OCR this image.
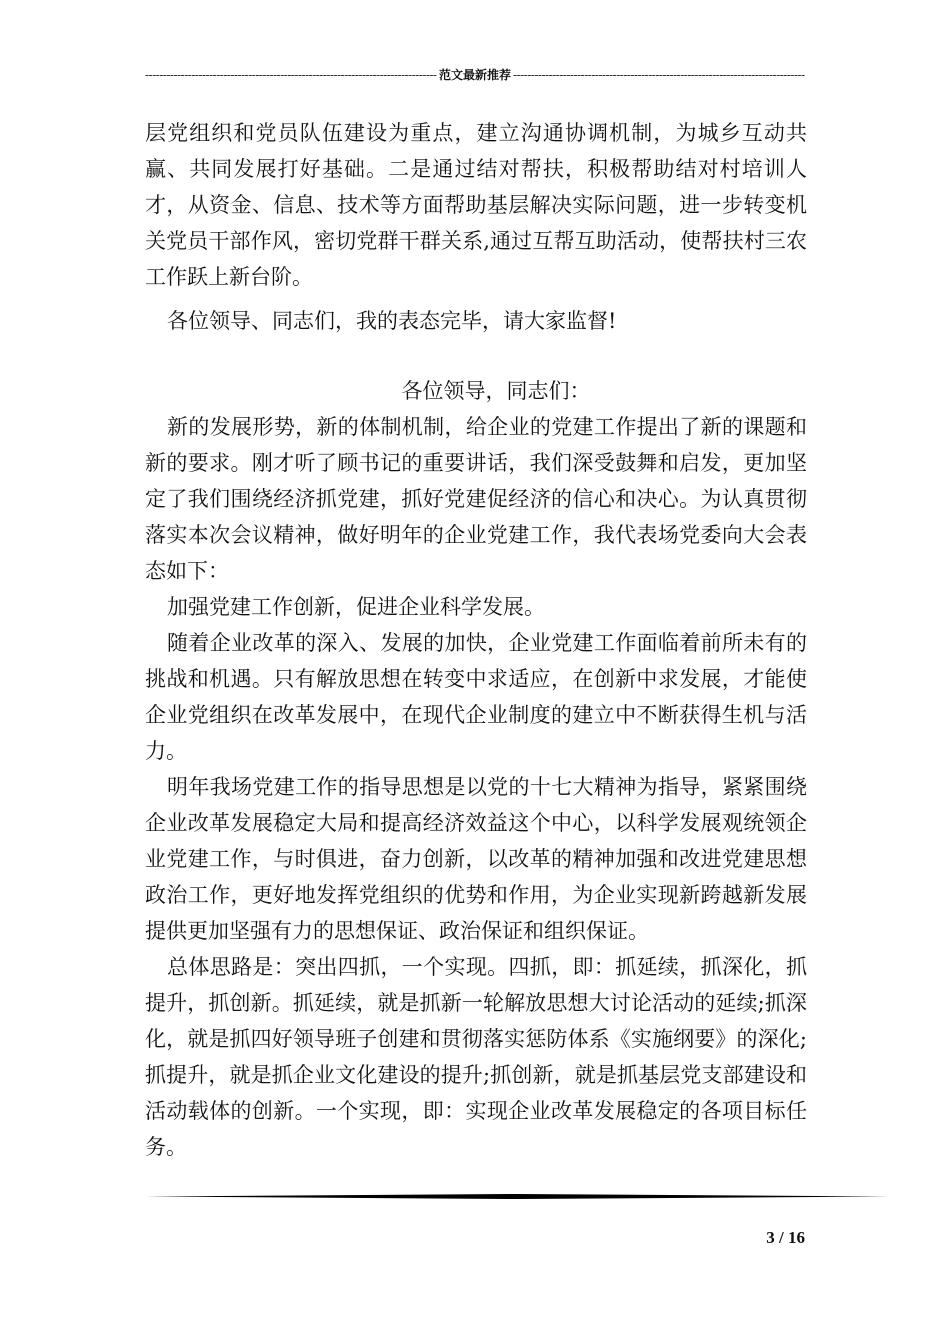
-----
范文最新推荐
-----

层党组织和党员队伍建设为重点，建立沟通协调机制，为城乡互动共赢、共同发展打好基础。二是通过结对帮扶，积极帮助结对村培训人才，从资金、信息、技术等方面帮助基层解决实际问题，进一步转变机关党员干部作风，密切党群干群关系,通过互帮互助活动，使帮扶村三农工作跃上新台阶。

各位领导、同志们，我的表态完毕，请大家监督!

各位领导，同志们：

新的发展形势，新的体制机制，给企业的党建工作提出了新的课题和新的要求。刚才听了顾书记的重要讲话，我们深受鼓舞和启发，更加坚定了我们围绕经济抓党建，抓好党建促经济的信心和决心。为认真贯彻落实本次会议精神，做好明年的企业党建工作，我代表场党委向大会表态如下：

加强党建工作创新，促进企业科学发展。

随着企业改革的深入、发展的加快，企业党建工作面临着前所未有的挑战和机遇。只有解放思想在转变中求适应，在创新中求发展，才能使企业党组织在改革发展中，在现代企业制度的建立中不断获得生机与活力。

明年我场党建工作的指导思想是以党的十七大精神为指导，紧紧围绕企业改革发展稳定大局和提高经济效益这个中心，以科学发展观统领企业党建工作，与时俱进，奋力创新，以改革的精神加强和改进党建思想政治工作，更好地发挥党组织的优势和作用，为企业实现新跨越新发展提供更加坚强有力的思想保证、政治保证和组织保证。

总体思路是：突出四抓，一个实现。四抓，即：抓延续，抓深化，抓提升，抓创新。抓延续，就是抓新一轮解放思想大讨论活动的延续;抓深化，就是抓四好领导班子创建和贯彻落实惩防体系《实施纲要》的深化;抓提升，就是抓企业文化建设的提升;抓创新，就是抓基层党支部建设和活动载体的创新。一个实现，即：实现企业改革发展稳定的各项目标任务。

3 / 16
